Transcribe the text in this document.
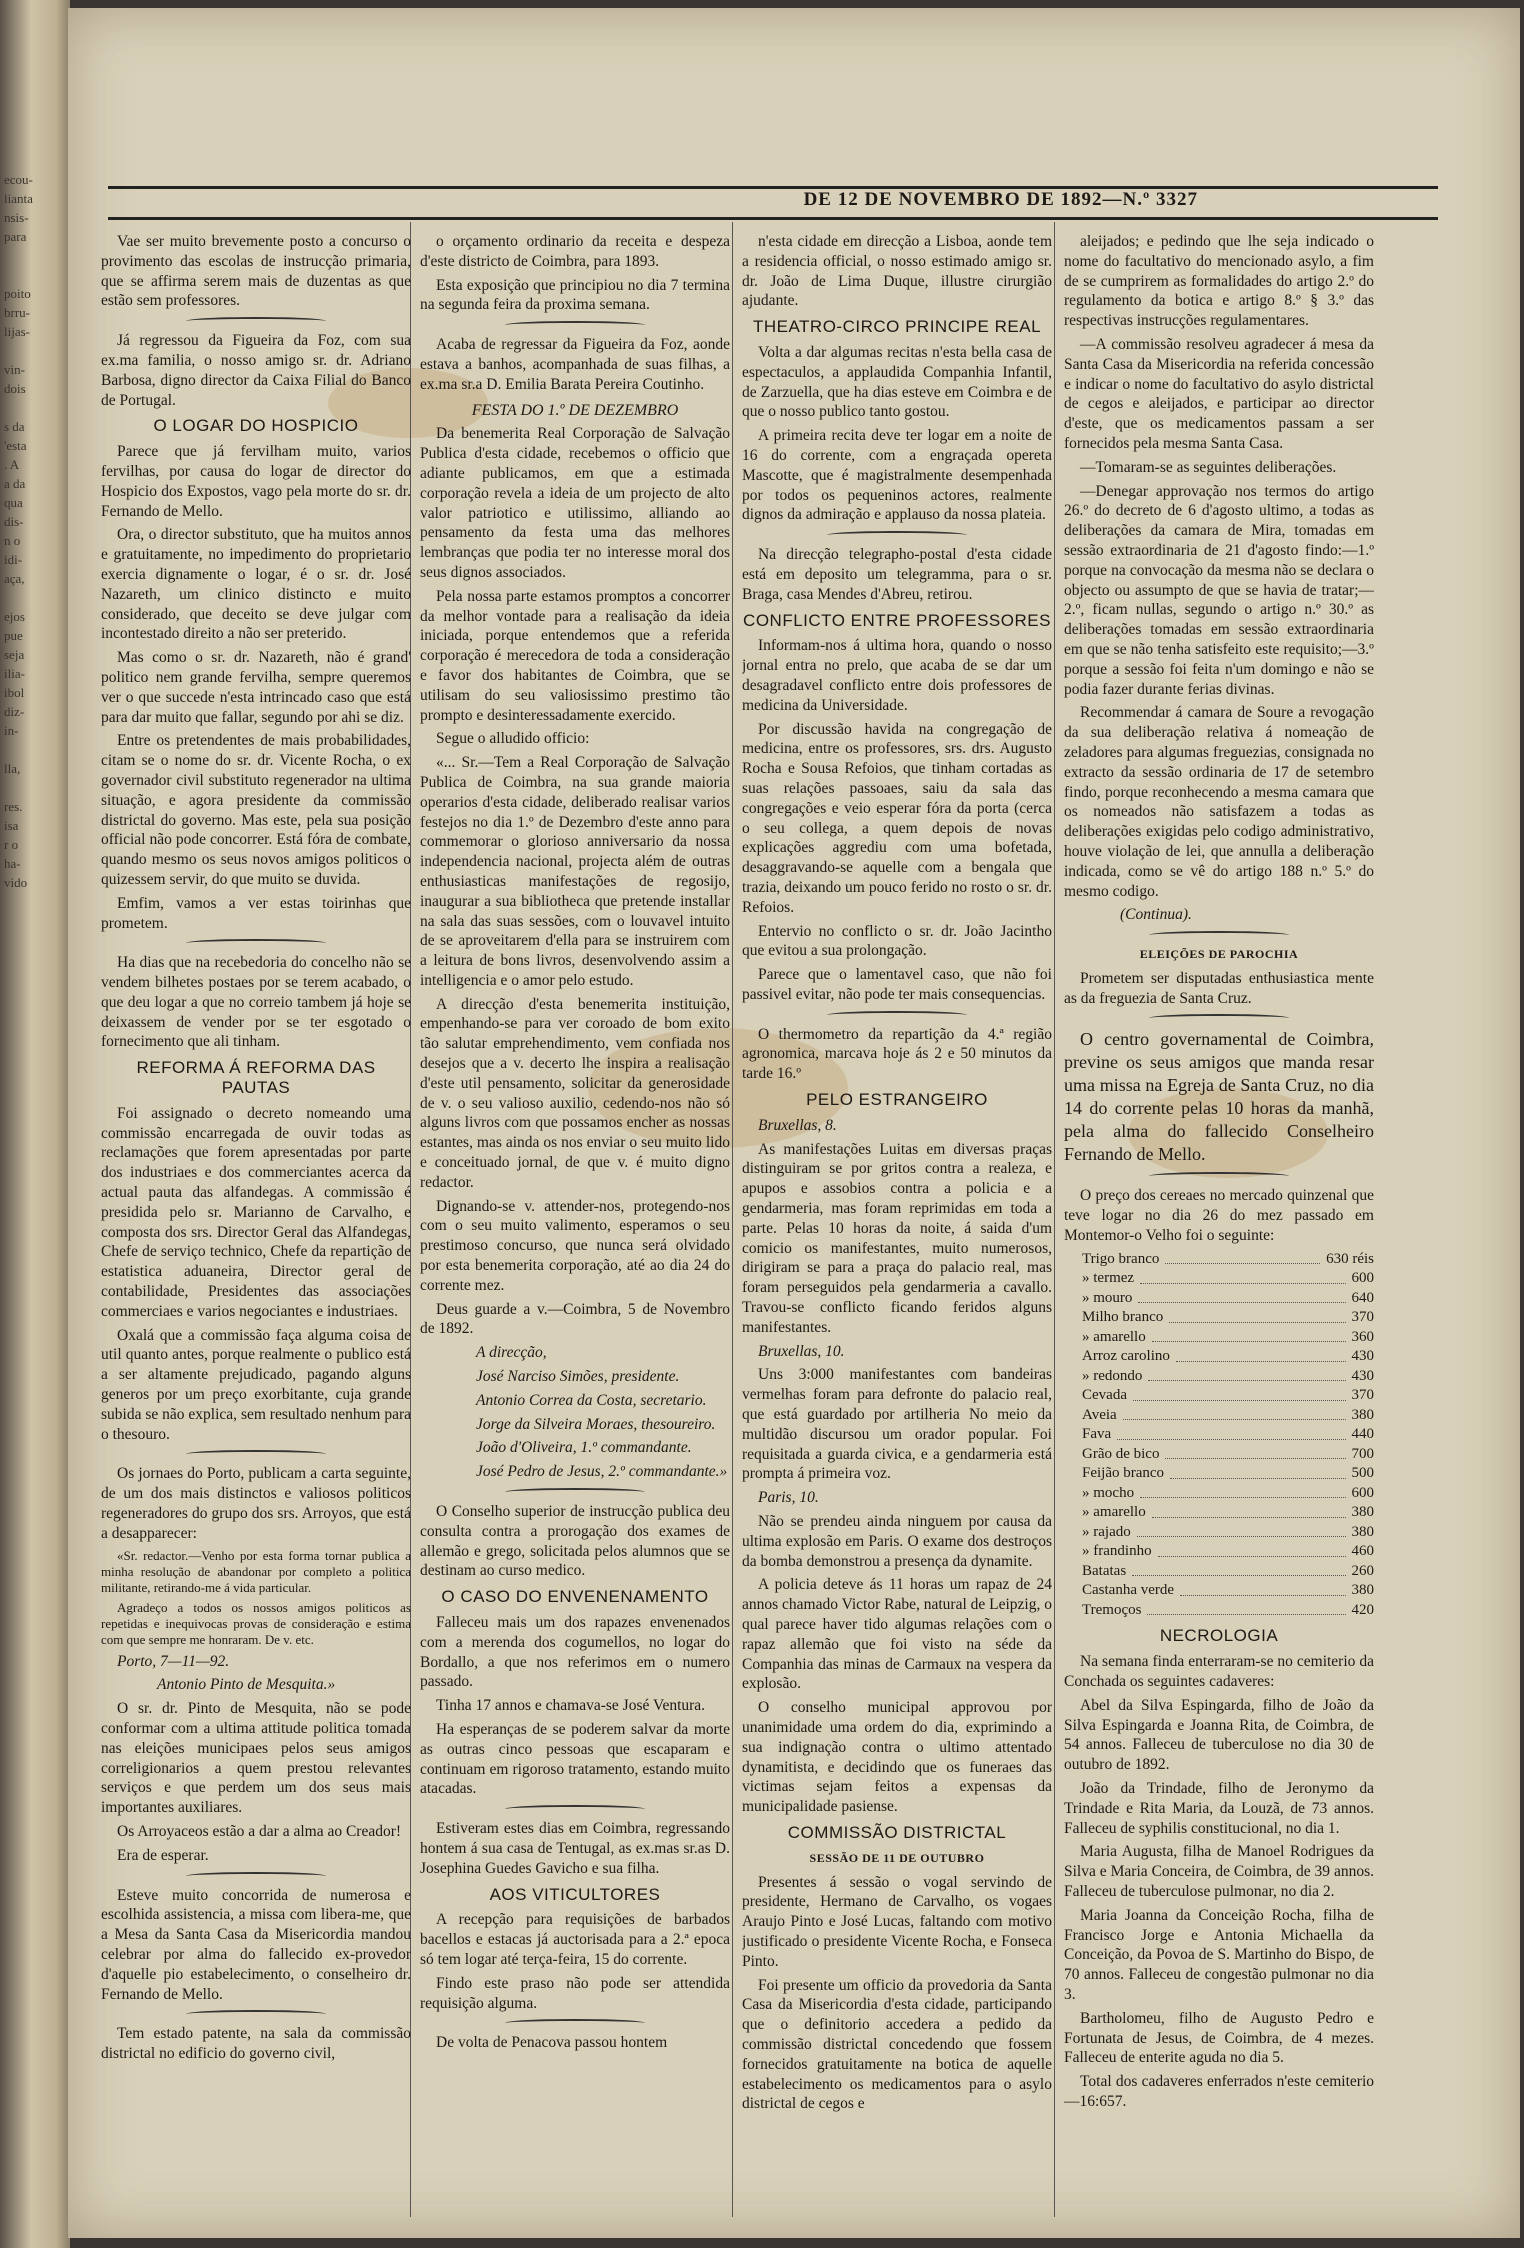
ecou-
lianta
nsis-
para

poito
brru-
lijas-

vin-
dois

s da
'esta
. A
a da
qua
dis-
n o
idi-
aça,

ejos
pue
seja
ilia-
ibol
diz-
in-

lla,

res.
isa
r o
ha-
vido
DE 12 DE NOVEMBRO DE 1892—N.º 3327

Vae ser muito brevemente posto a concurso o provimento das escolas de instrucção primaria, que se affirma serem mais de duzentas as que estão sem professores.

Já regressou da Figueira da Foz, com sua ex.ma familia, o nosso amigo sr. dr. Adriano Barbosa, digno director da Caixa Filial do Banco de Portugal.

O LOGAR DO HOSPICIO

Parece que já fervilham muito, varios fervilhas, por causa do logar de director do Hospicio dos Expostos, vago pela morte do sr. dr. Fernando de Mello.

Ora, o director substituto, que ha muitos annos e gratuitamente, no impedimento do proprietario exercia dignamente o logar, é o sr. dr. José Nazareth, um clinico distincto e muito considerado, que deceito se deve julgar com incontestado direito a não ser preterido.

Mas como o sr. dr. Nazareth, não é grand' politico nem grande fervilha, sempre queremos ver o que succede n'esta intrincado caso que está para dar muito que fallar, segundo por ahi se diz.

Entre os pretendentes de mais probabilidades, citam se o nome do sr. dr. Vicente Rocha, o ex governador civil substituto regenerador na ultima situação, e agora presidente da commissão districtal do governo. Mas este, pela sua posição official não pode concorrer. Está fóra de combate, quando mesmo os seus novos amigos politicos o quizessem servir, do que muito se duvida.

Emfim, vamos a ver estas toirinhas que prometem.

Ha dias que na recebedoria do concelho não se vendem bilhetes postaes por se terem acabado, o que deu logar a que no correio tambem já hoje se deixassem de vender por se ter esgotado o fornecimento que ali tinham.

REFORMA Á REFORMA DAS PAUTAS

Foi assignado o decreto nomeando uma commissão encarregada de ouvir todas as reclamações que forem apresentadas por parte dos industriaes e dos commerciantes acerca da actual pauta das alfandegas. A commissão é presidida pelo sr. Marianno de Carvalho, e composta dos srs. Director Geral das Alfandegas, Chefe de serviço technico, Chefe da repartição de estatistica aduaneira, Director geral de contabilidade, Presidentes das associações commerciaes e varios negociantes e industriaes.

Oxalá que a commissão faça alguma coisa de util quanto antes, porque realmente o publico está a ser altamente prejudicado, pagando alguns generos por um preço exorbitante, cuja grande subida se não explica, sem resultado nenhum para o thesouro.

Os jornaes do Porto, publicam a carta seguinte, de um dos mais distinctos e valiosos politicos regeneradores do grupo dos srs. Arroyos, que está a desapparecer:

«Sr. redactor.—Venho por esta forma tornar publica a minha resolução de abandonar por completo a politica militante, retirando-me á vida particular.

Agradeço a todos os nossos amigos politicos as repetidas e inequivocas provas de consideração e estima com que sempre me honraram. De v. etc.

Porto, 7—11—92.

Antonio Pinto de Mesquita.»

O sr. dr. Pinto de Mesquita, não se pode conformar com a ultima attitude politica tomada nas eleições municipaes pelos seus amigos correligionarios a quem prestou relevantes serviços e que perdem um dos seus mais importantes auxiliares.

Os Arroyaceos estão a dar a alma ao Creador!

Era de esperar.

Esteve muito concorrida de numerosa e escolhida assistencia, a missa com libera-me, que a Mesa da Santa Casa da Misericordia mandou celebrar por alma do fallecido ex-provedor d'aquelle pio estabelecimento, o conselheiro dr. Fernando de Mello.

Tem estado patente, na sala da commissão districtal no edificio do governo civil,

o orçamento ordinario da receita e despeza d'este districto de Coimbra, para 1893.

Esta exposição que principiou no dia 7 termina na segunda feira da proxima semana.

Acaba de regressar da Figueira da Foz, aonde estava a banhos, acompanhada de suas filhas, a ex.ma sr.a D. Emilia Barata Pereira Coutinho.

FESTA DO 1.º DE DEZEMBRO

Da benemerita Real Corporação de Salvação Publica d'esta cidade, recebemos o officio que adiante publicamos, em que a estimada corporação revela a ideia de um projecto de alto valor patriotico e utilissimo, alliando ao pensamento da festa uma das melhores lembranças que podia ter no interesse moral dos seus dignos associados.

Pela nossa parte estamos promptos a concorrer da melhor vontade para a realisação da ideia iniciada, porque entendemos que a referida corporação é merecedora de toda a consideração e favor dos habitantes de Coimbra, que se utilisam do seu valiosissimo prestimo tão prompto e desinteressadamente exercido.

Segue o alludido officio:

«... Sr.—Tem a Real Corporação de Salvação Publica de Coimbra, na sua grande maioria operarios d'esta cidade, deliberado realisar varios festejos no dia 1.º de Dezembro d'este anno para commemorar o glorioso anniversario da nossa independencia nacional, projecta além de outras enthusiasticas manifestações de regosijo, inaugurar a sua bibliotheca que pretende installar na sala das suas sessões, com o louvavel intuito de se aproveitarem d'ella para se instruirem com a leitura de bons livros, desenvolvendo assim a intelligencia e o amor pelo estudo.

A direcção d'esta benemerita instituição, empenhando-se para ver coroado de bom exito tão salutar emprehendimento, vem confiada nos desejos que a v. decerto lhe inspira a realisação d'este util pensamento, solicitar da generosidade de v. o seu valioso auxilio, cedendo-nos não só alguns livros com que possamos encher as nossas estantes, mas ainda os nos enviar o seu muito lido e conceituado jornal, de que v. é muito digno redactor.

Dignando-se v. attender-nos, protegendo-nos com o seu muito valimento, esperamos o seu prestimoso concurso, que nunca será olvidado por esta benemerita corporação, até ao dia 24 do corrente mez.

Deus guarde a v.—Coimbra, 5 de Novembro de 1892.

A direcção,

José Narciso Simões, presidente.

Antonio Correa da Costa, secretario.

Jorge da Silveira Moraes, thesoureiro.

João d'Oliveira, 1.º commandante.

José Pedro de Jesus, 2.º commandante.»

O Conselho superior de instrucção publica deu consulta contra a prorogação dos exames de allemão e grego, solicitada pelos alumnos que se destinam ao curso medico.

O CASO DO ENVENENAMENTO

Falleceu mais um dos rapazes envenenados com a merenda dos cogumellos, no logar do Bordallo, a que nos referimos em o numero passado.

Tinha 17 annos e chamava-se José Ventura.

Ha esperanças de se poderem salvar da morte as outras cinco pessoas que escaparam e continuam em rigoroso tratamento, estando muito atacadas.

Estiveram estes dias em Coimbra, regressando hontem á sua casa de Tentugal, as ex.mas sr.as D. Josephina Guedes Gavicho e sua filha.

AOS VITICULTORES

A recepção para requisições de barbados bacellos e estacas já auctorisada para a 2.ª epoca só tem logar até terça-feira, 15 do corrente.

Findo este praso não pode ser attendida requisição alguma.

De volta de Penacova passou hontem

n'esta cidade em direcção a Lisboa, aonde tem a residencia official, o nosso estimado amigo sr. dr. João de Lima Duque, illustre cirurgião ajudante.

THEATRO-CIRCO PRINCIPE REAL

Volta a dar algumas recitas n'esta bella casa de espectaculos, a applaudida Companhia Infantil, de Zarzuella, que ha dias esteve em Coimbra e de que o nosso publico tanto gostou.

A primeira recita deve ter logar em a noite de 16 do corrente, com a engraçada opereta Mascotte, que é magistralmente desempenhada por todos os pequeninos actores, realmente dignos da admiração e applauso da nossa plateia.

Na direcção telegrapho-postal d'esta cidade está em deposito um telegramma, para o sr. Braga, casa Mendes d'Abreu, retirou.

CONFLICTO ENTRE PROFESSORES

Informam-nos á ultima hora, quando o nosso jornal entra no prelo, que acaba de se dar um desagradavel conflicto entre dois professores de medicina da Universidade.

Por discussão havida na congregação de medicina, entre os professores, srs. drs. Augusto Rocha e Sousa Refoios, que tinham cortadas as suas relações passoaes, saiu da sala das congregações e veio esperar fóra da porta (cerca o seu collega, a quem depois de novas explicações aggrediu com uma bofetada, desaggravando-se aquelle com a bengala que trazia, deixando um pouco ferido no rosto o sr. dr. Refoios.

Entervio no conflicto o sr. dr. João Jacintho que evitou a sua prolongação.

Parece que o lamentavel caso, que não foi passivel evitar, não pode ter mais consequencias.

O thermometro da repartição da 4.ª região agronomica, marcava hoje ás 2 e 50 minutos da tarde 16.º

PELO ESTRANGEIRO

Bruxellas, 8.

As manifestações Luitas em diversas praças distinguiram se por gritos contra a realeza, e apupos e assobios contra a policia e a gendarmeria, mas foram reprimidas em toda a parte. Pelas 10 horas da noite, á saida d'um comicio os manifestantes, muito numerosos, dirigiram se para a praça do palacio real, mas foram perseguidos pela gendarmeria a cavallo. Travou-se conflicto ficando feridos alguns manifestantes.

Bruxellas, 10.

Uns 3:000 manifestantes com bandeiras vermelhas foram para defronte do palacio real, que está guardado por artilheria No meio da multidão discursou um orador popular. Foi requisitada a guarda civica, e a gendarmeria está prompta á primeira voz.

Paris, 10.

Não se prendeu ainda ninguem por causa da ultima explosão em Paris. O exame dos destroços da bomba demonstrou a presença da dynamite.

A policia deteve ás 11 horas um rapaz de 24 annos chamado Victor Rabe, natural de Leipzig, o qual parece haver tido algumas relações com o rapaz allemão que foi visto na séde da Companhia das minas de Carmaux na vespera da explosão.

O conselho municipal approvou por unanimidade uma ordem do dia, exprimindo a sua indignação contra o ultimo attentado dynamitista, e decidindo que os funeraes das victimas sejam feitos a expensas da municipalidade pasiense.

COMMISSÃO DISTRICTAL
SESSÃO DE 11 DE OUTUBRO

Presentes á sessão o vogal servindo de presidente, Hermano de Carvalho, os vogaes Araujo Pinto e José Lucas, faltando com motivo justificado o presidente Vicente Rocha, e Fonseca Pinto.

Foi presente um officio da provedoria da Santa Casa da Misericordia d'esta cidade, participando que o definitorio accedera a pedido da commissão districtal concedendo que fossem fornecidos gratuitamente na botica de aquelle estabelecimento os medicamentos para o asylo districtal de cegos e

aleijados; e pedindo que lhe seja indicado o nome do facultativo do mencionado asylo, a fim de se cumprirem as formalidades do artigo 2.º do regulamento da botica e artigo 8.º § 3.º das respectivas instrucções regulamentares.

—A commissão resolveu agradecer á mesa da Santa Casa da Misericordia na referida concessão e indicar o nome do facultativo do asylo districtal de cegos e aleijados, e participar ao director d'este, que os medicamentos passam a ser fornecidos pela mesma Santa Casa.

—Tomaram-se as seguintes deliberações.

—Denegar approvação nos termos do artigo 26.º do decreto de 6 d'agosto ultimo, a todas as deliberações da camara de Mira, tomadas em sessão extraordinaria de 21 d'agosto findo:—1.º porque na convocação da mesma não se declara o objecto ou assumpto de que se havia de tratar;—2.º, ficam nullas, segundo o artigo n.º 30.º as deliberações tomadas em sessão extraordinaria em que se não tenha satisfeito este requisito;—3.º porque a sessão foi feita n'um domingo e não se podia fazer durante ferias divinas.

Recommendar á camara de Soure a revogação da sua deliberação relativa á nomeação de zeladores para algumas freguezias, consignada no extracto da sessão ordinaria de 17 de setembro findo, porque reconhecendo a mesma camara que os nomeados não satisfazem a todas as deliberações exigidas pelo codigo administrativo, houve violação de lei, que annulla a deliberação indicada, como se vê do artigo 188 n.º 5.º do mesmo codigo.

(Continua).

ELEIÇÕES DE PAROCHIA

Prometem ser disputadas enthusiastica mente as da freguezia de Santa Cruz.

O centro governamental de Coimbra, previne os seus amigos que manda resar uma missa na Egreja de Santa Cruz, no dia 14 do corrente pelas 10 horas da manhã, pela alma do fallecido Conselheiro Fernando de Mello.

O preço dos cereaes no mercado quinzenal que teve logar no dia 26 do mez passado em Montemor-o Velho foi o seguinte:

Trigo branco	630 réis
» termez	600
» mouro	640
Milho branco	370
» amarello	360
Arroz carolino	430
» redondo	430
Cevada	370
Aveia	380
Fava	440
Grão de bico	700
Feijão branco	500
» mocho	600
» amarello	380
» rajado	380
» frandinho	460
Batatas	260
Castanha verde	380
Tremoços	420
NECROLOGIA

Na semana finda enterraram-se no cemiterio da Conchada os seguintes cadaveres:

Abel da Silva Espingarda, filho de João da Silva Espingarda e Joanna Rita, de Coimbra, de 54 annos. Falleceu de tuberculose no dia 30 de outubro de 1892.

João da Trindade, filho de Jeronymo da Trindade e Rita Maria, da Louzã, de 73 annos. Falleceu de syphilis constitucional, no dia 1.

Maria Augusta, filha de Manoel Rodrigues da Silva e Maria Conceira, de Coimbra, de 39 annos. Falleceu de tuberculose pulmonar, no dia 2.

Maria Joanna da Conceição Rocha, filha de Francisco Jorge e Antonia Michaella da Conceição, da Povoa de S. Martinho do Bispo, de 70 annos. Falleceu de congestão pulmonar no dia 3.

Bartholomeu, filho de Augusto Pedro e Fortunata de Jesus, de Coimbra, de 4 mezes. Falleceu de enterite aguda no dia 5.

Total dos cadaveres enferrados n'este cemiterio—16:657.
